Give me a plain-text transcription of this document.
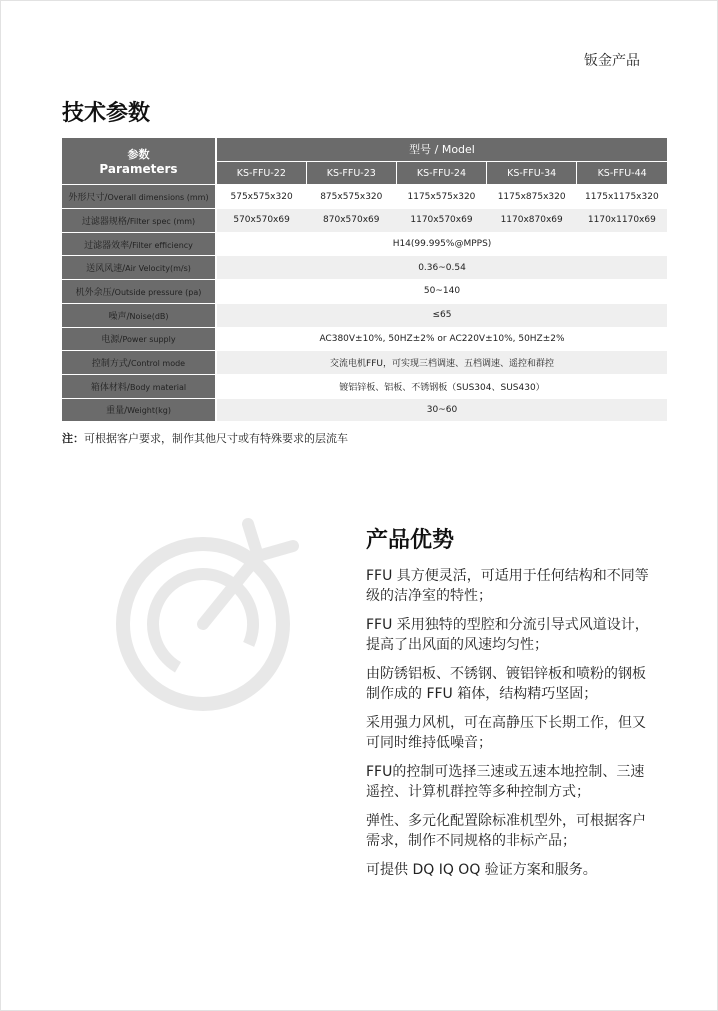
钣金产品
技术参数
参数
Parameters	型号 / Model				
	KS-FFU-22	KS-FFU-23	KS-FFU-24	KS-FFU-34	KS-FFU-44
外形尺寸/Overall dimensions (mm)	575x575x320	875x575x320	1175x575x320	1175x875x320	1175x1175x320
过滤器规格/Filter spec (mm)	570x570x69	870x570x69	1170x570x69	1170x870x69	1170x1170x69
过滤器效率/Filter efficiency	H14(99.995%@MPPS)				
送风风速/Air Velocity(m/s)	0.36~0.54				
机外余压/Outside pressure (pa)	50~140				
噪声/Noise(dB)	≤65				
电源/Power supply	AC380V±10%, 50HZ±2% or AC220V±10%, 50HZ±2%				
控制方式/Control mode	交流电机FFU，可实现三档调速、五档调速、遥控和群控				
箱体材料/Body material	镀铝锌板、铝板、不锈钢板（SUS304、SUS430）				
重量/Weight(kg)	30~60				
注：可根据客户要求，制作其他尺寸或有特殊要求的层流车
产品优势

FFU 具方便灵活，可适用于任何结构和不同等级的洁净室的特性；

FFU 采用独特的型腔和分流引导式风道设计，提高了出风面的风速均匀性；

由防锈铝板、不锈钢、镀铝锌板和喷粉的钢板制作成的 FFU 箱体，结构精巧坚固；

采用强力风机，可在高静压下长期工作，但又可同时维持低噪音；

FFU的控制可选择三速或五速本地控制、三速遥控、计算机群控等多种控制方式；

弹性、多元化配置除标准机型外，可根据客户需求，制作不同规格的非标产品；

可提供 DQ IQ OQ 验证方案和服务。
